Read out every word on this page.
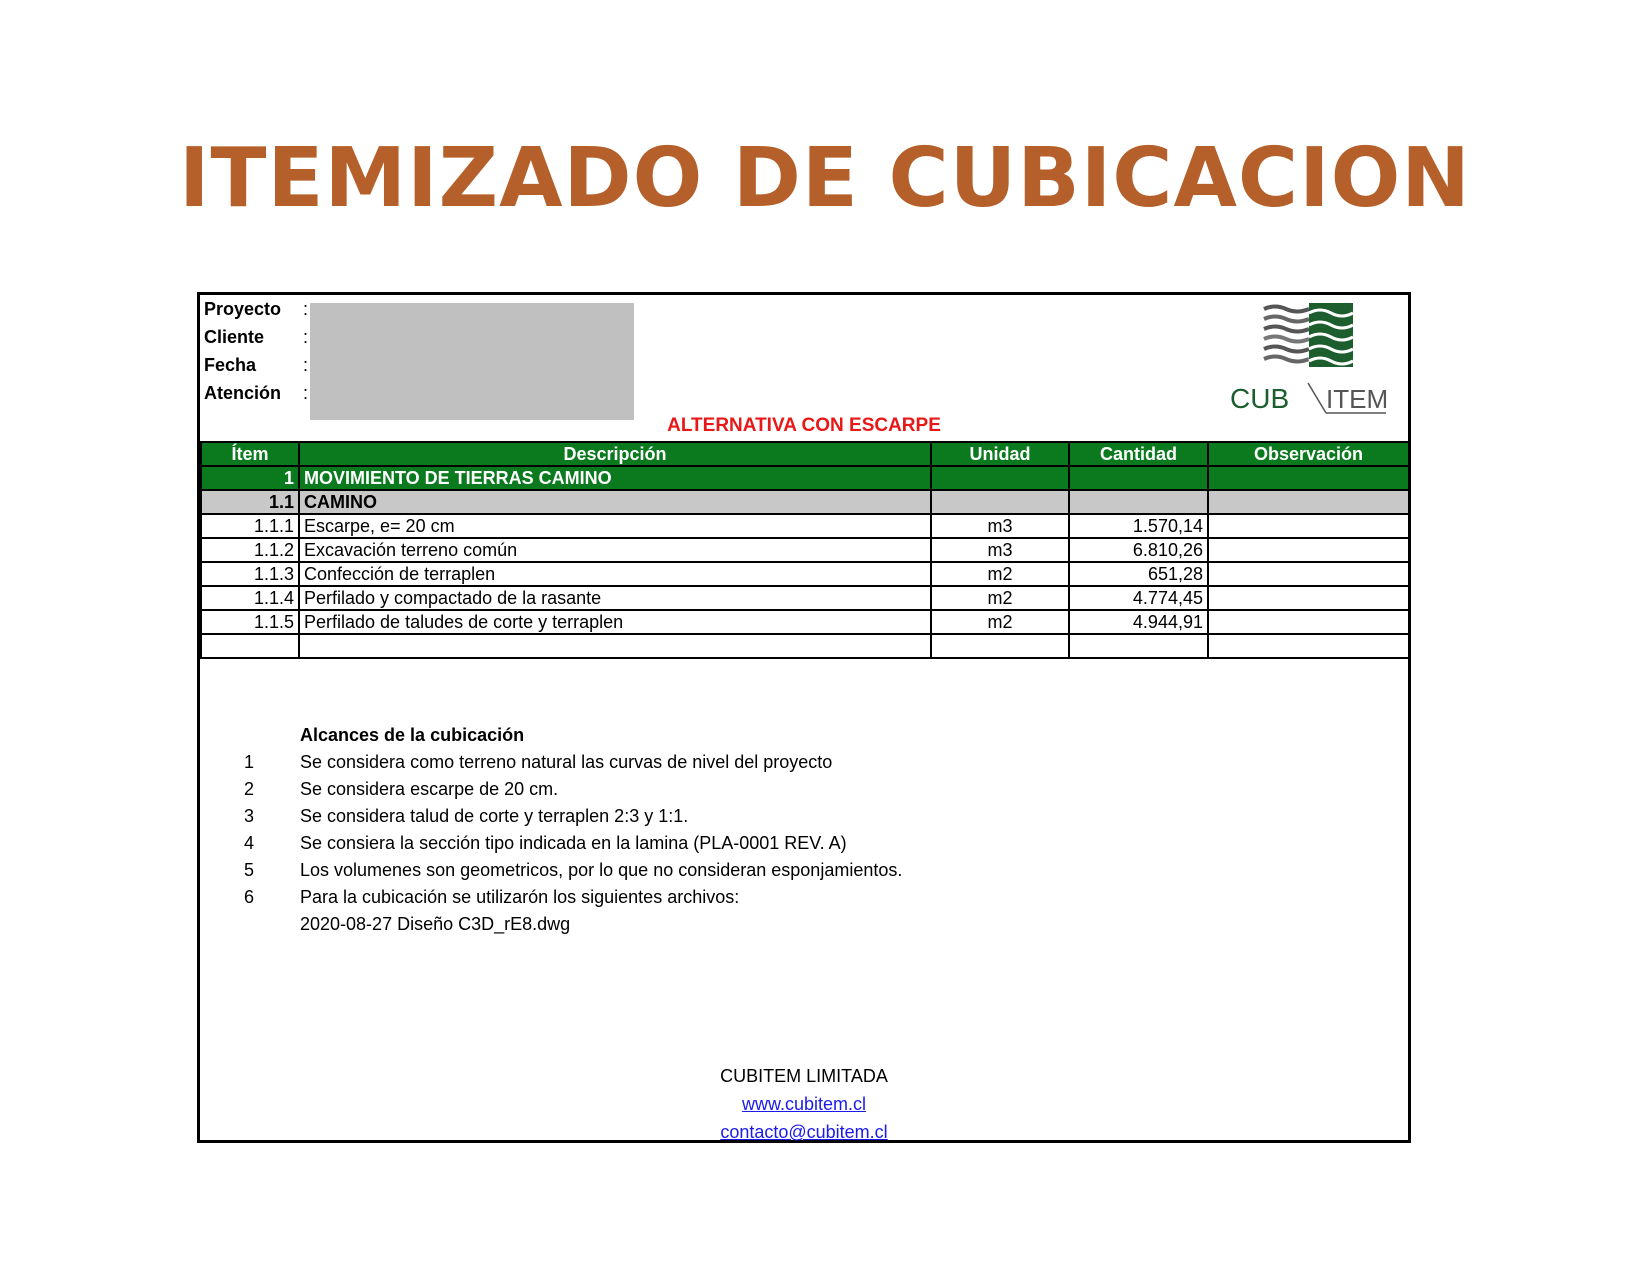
ITEMIZADO DE CUBICACION
Proyecto :
Cliente :
Fecha	:
Atención :	CUB ITEM
ALTERNATIVA CON ESCARPE
Ítem	Descripción	Unidad	Cantidad	Observación
1	MOVIMIENTO DE TIERRAS CAMINO			
1.1	CAMINO			
1.1.1	Escarpe, e= 20 cm	m3	1.570,14	
1.1.2	Excavación terreno común	m3	6.810,26	
1.1.3	Confección de terraplen	m2	651,28	
1.1.4	Perfilado y compactado de la rasante	m2	4.774,45	
1.1.5	Perfilado de taludes de corte y terraplen	m2	4.944,91	

Alcances de la cubicación
1	Se considera como terreno natural las curvas de nivel del proyecto
2	Se considera escarpe de 20 cm.
3	Se considera talud de corte y terraplen 2:3 y 1:1.
4	Se consiera la sección tipo indicada en la lamina (PLA-0001 REV. A)
5	Los volumenes son geometricos, por lo que no consideran esponjamientos.
6	Para la cubicación se utilizarón los siguientes archivos:
2020-08-27 Diseño C3D_rE8.dwg
CUBITEM LIMITADA
www.cubitem.cl
contacto@cubitem.cl
